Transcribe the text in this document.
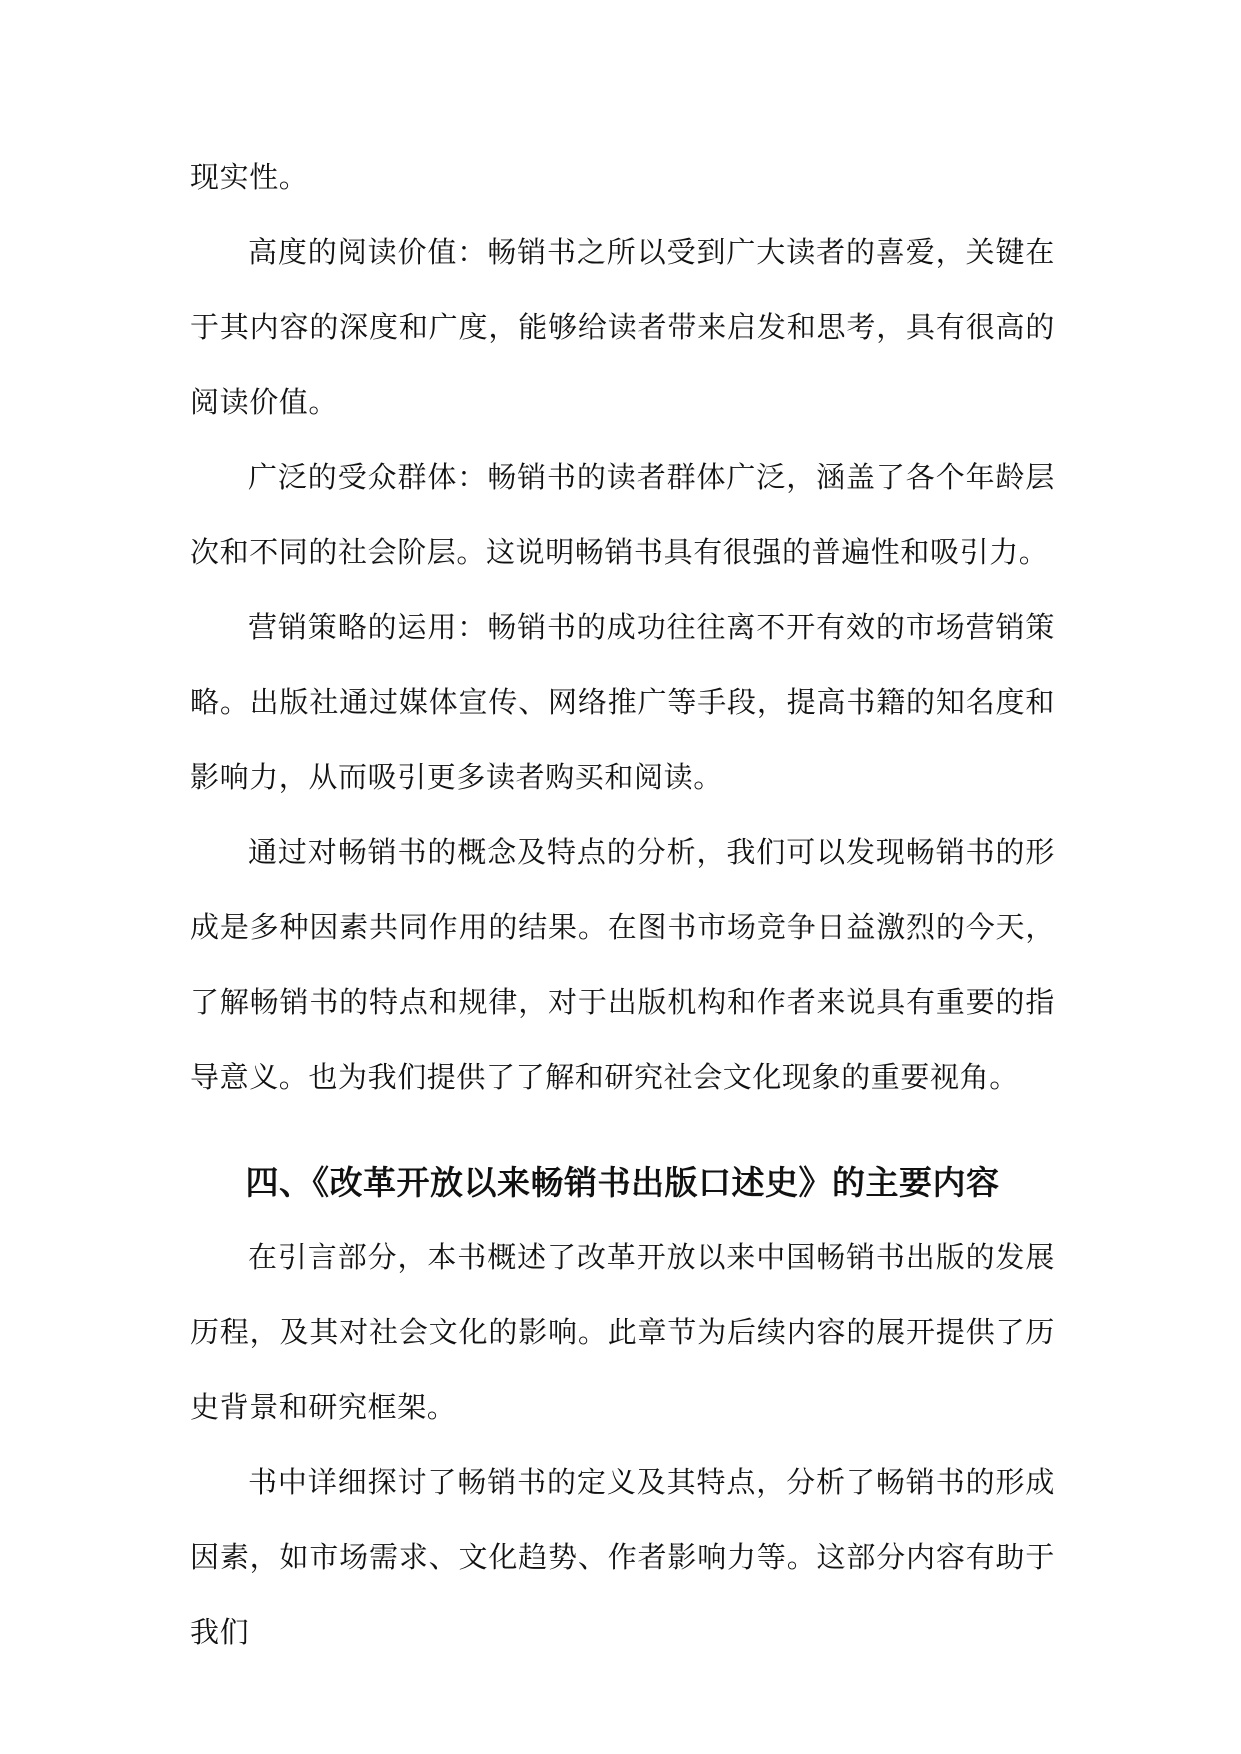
现实性。

高度的阅读价值：畅销书之所以受到广大读者的喜爱，关键在于其内容的深度和广度，能够给读者带来启发和思考，具有很高的阅读价值。

广泛的受众群体：畅销书的读者群体广泛，涵盖了各个年龄层次和不同的社会阶层。这说明畅销书具有很强的普遍性和吸引力。

营销策略的运用：畅销书的成功往往离不开有效的市场营销策略。出版社通过媒体宣传、网络推广等手段，提高书籍的知名度和影响力，从而吸引更多读者购买和阅读。

通过对畅销书的概念及特点的分析，我们可以发现畅销书的形成是多种因素共同作用的结果。在图书市场竞争日益激烈的今天，了解畅销书的特点和规律，对于出版机构和作者来说具有重要的指导意义。也为我们提供了了解和研究社会文化现象的重要视角。

四、《改革开放以来畅销书出版口述史》的主要内容

在引言部分，本书概述了改革开放以来中国畅销书出版的发展历程，及其对社会文化的影响。此章节为后续内容的展开提供了历史背景和研究框架。

书中详细探讨了畅销书的定义及其特点，分析了畅销书的形成因素，如市场需求、文化趋势、作者影响力等。这部分内容有助于我们
